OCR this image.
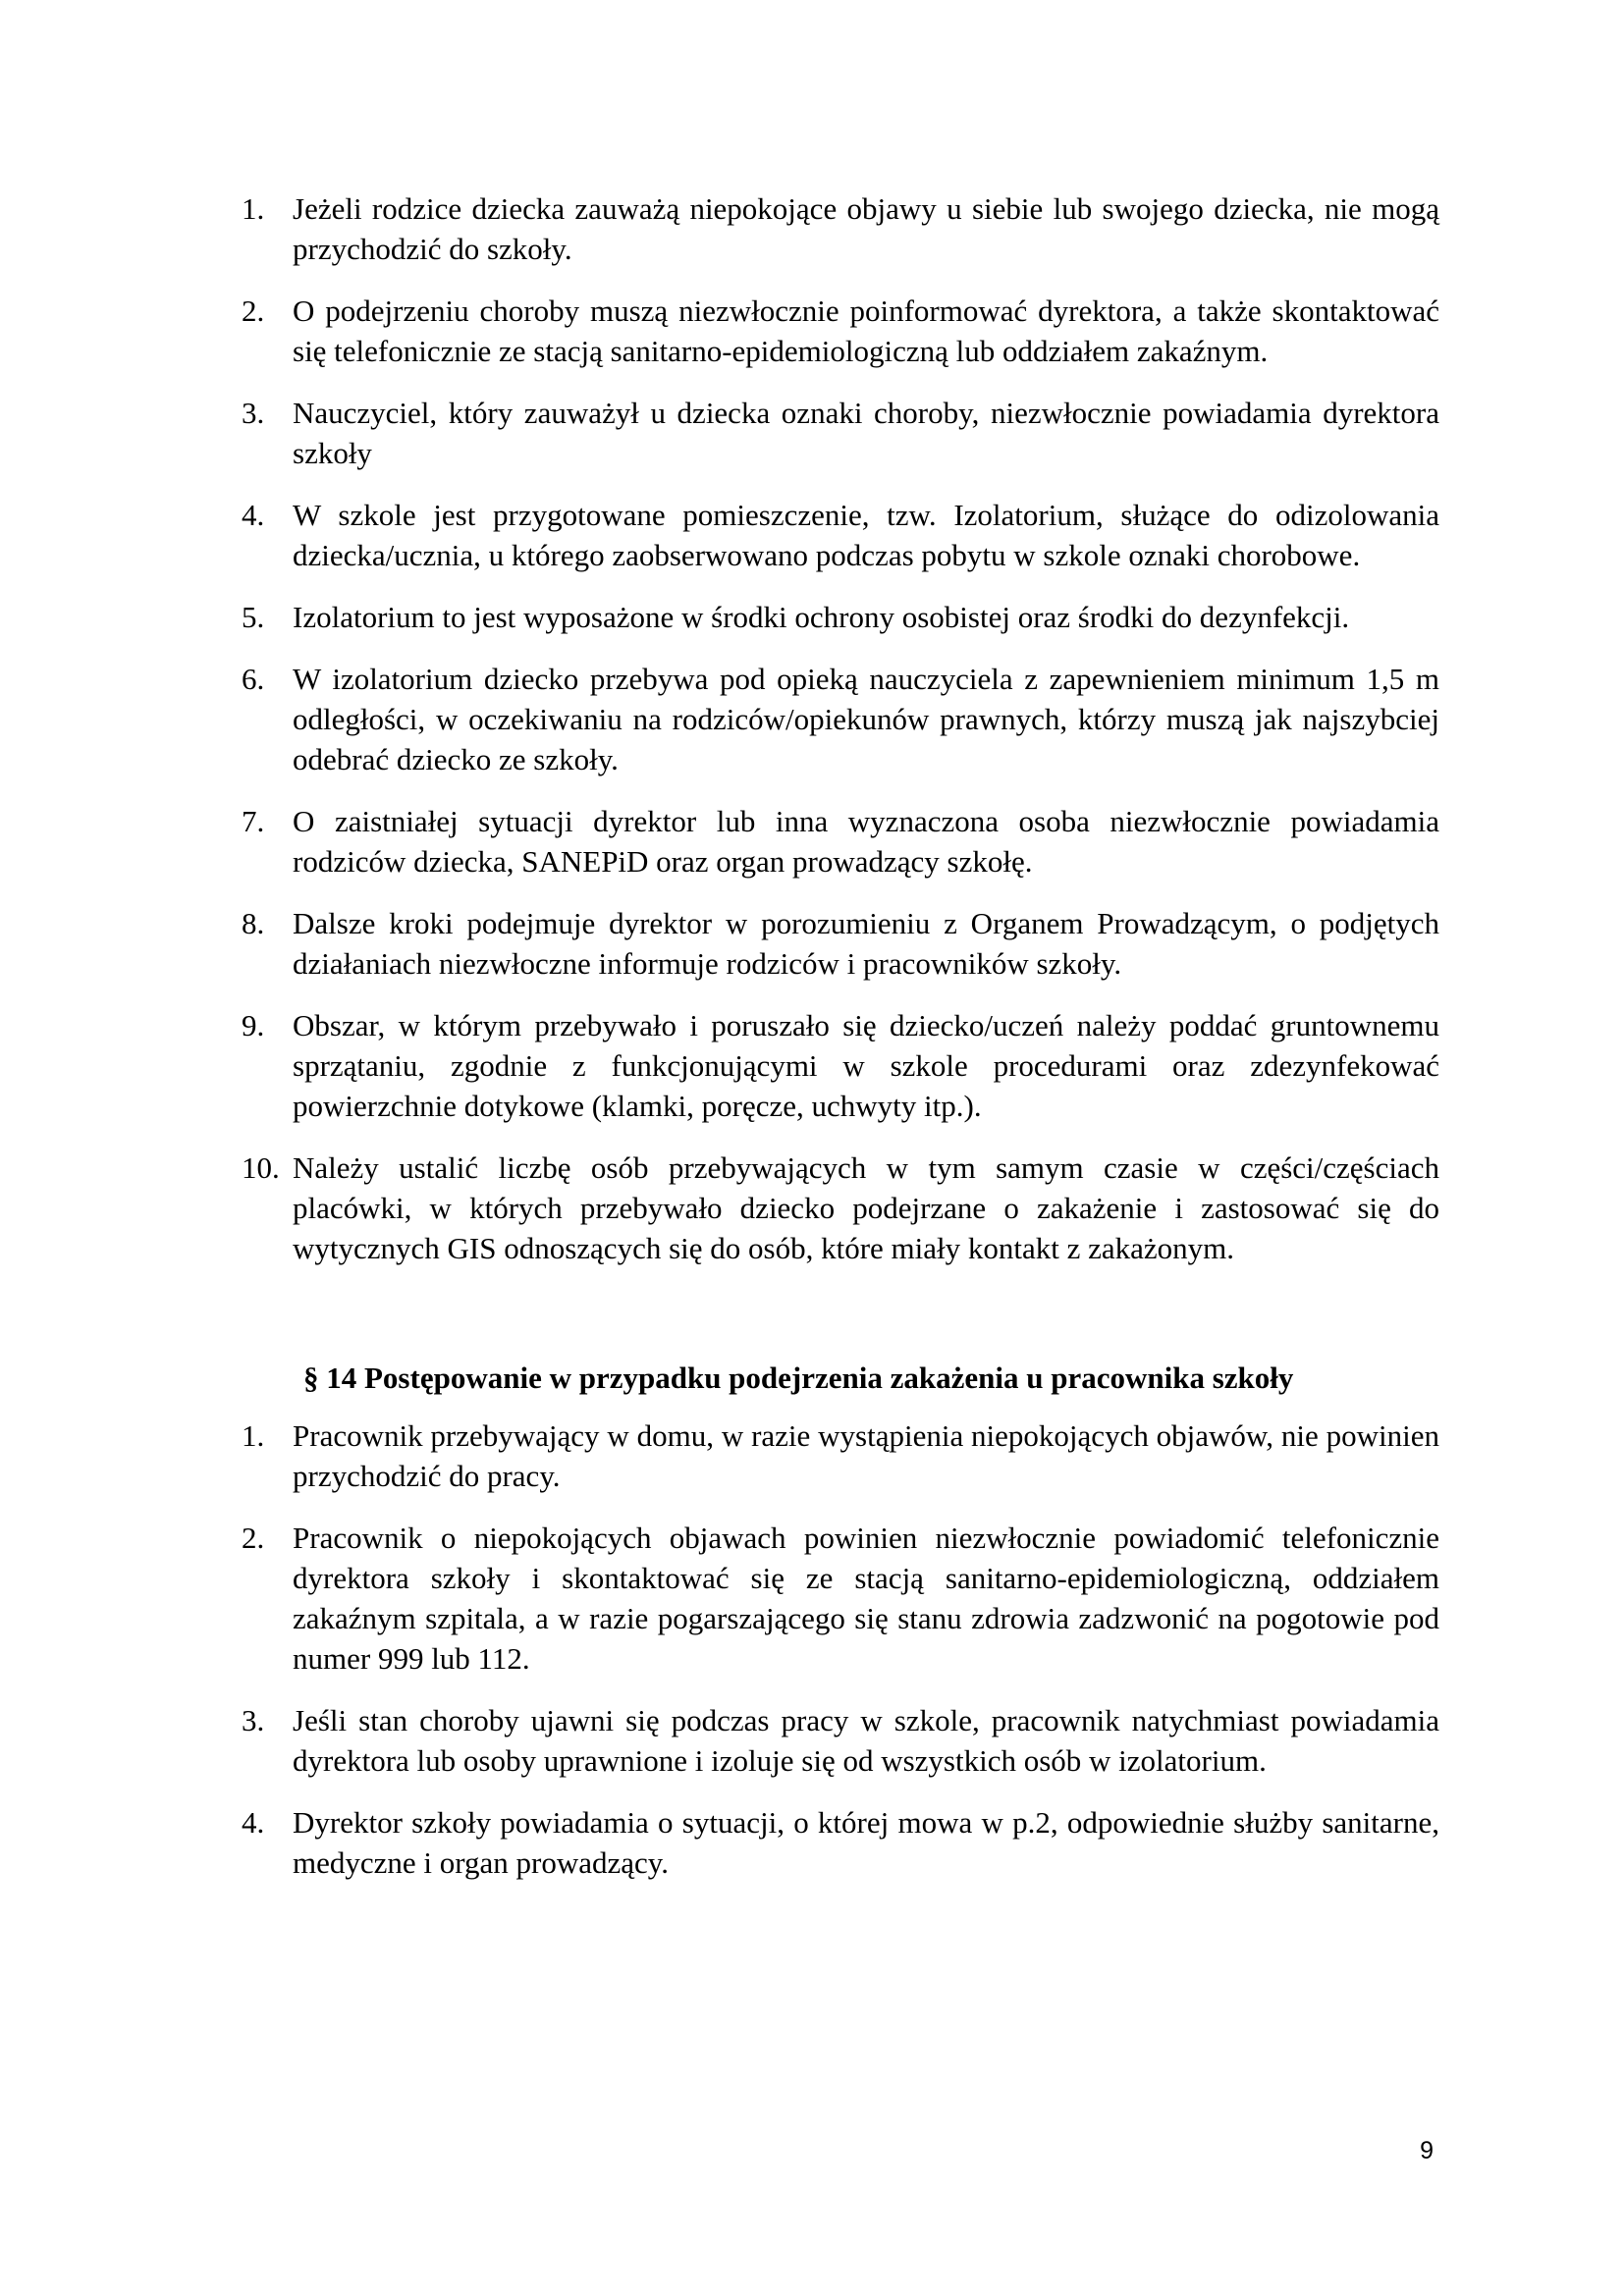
1. Jeżeli rodzice dziecka zauważą niepokojące objawy u siebie lub swojego dziecka, nie mogą przychodzić do szkoły.
2. O podejrzeniu choroby muszą niezwłocznie poinformować dyrektora, a także skontaktować się telefonicznie ze stacją sanitarno-epidemiologiczną lub oddziałem zakaźnym.
3. Nauczyciel, który zauważył u dziecka oznaki choroby, niezwłocznie powiadamia dyrektora szkoły
4. W szkole jest przygotowane pomieszczenie, tzw. Izolatorium, służące do odizolowania dziecka/ucznia, u którego zaobserwowano podczas pobytu w szkole oznaki chorobowe.
5. Izolatorium to jest wyposażone w środki ochrony osobistej oraz środki do dezynfekcji.
6. W izolatorium dziecko przebywa pod opieką nauczyciela z zapewnieniem minimum 1,5 m odległości, w oczekiwaniu na rodziców/opiekunów prawnych, którzy muszą jak najszybciej odebrać dziecko ze szkoły.
7. O zaistniałej sytuacji dyrektor lub inna wyznaczona osoba niezwłocznie powiadamia rodziców dziecka, SANEPiD oraz organ prowadzący szkołę.
8. Dalsze kroki podejmuje dyrektor w porozumieniu z Organem Prowadzącym, o podjętych działaniach niezwłoczne informuje rodziców i pracowników szkoły.
9. Obszar, w którym przebywało i poruszało się dziecko/uczeń należy poddać gruntownemu sprzątaniu, zgodnie z funkcjonującymi w szkole procedurami oraz zdezynfekować powierzchnie dotykowe (klamki, poręcze, uchwyty itp.).
10. Należy ustalić liczbę osób przebywających w tym samym czasie w części/częściach placówki, w których przebywało dziecko podejrzane o zakażenie i zastosować się do wytycznych GIS odnoszących się do osób, które miały kontakt z zakażonym.
§ 14 Postępowanie w przypadku podejrzenia zakażenia u pracownika szkoły
1. Pracownik przebywający w domu, w razie wystąpienia niepokojących objawów, nie powinien przychodzić do pracy.
2. Pracownik o niepokojących objawach powinien niezwłocznie powiadomić telefonicznie dyrektora szkoły i skontaktować się ze stacją sanitarno-epidemiologiczną, oddziałem zakaźnym szpitala, a w razie pogarszającego się stanu zdrowia zadzwonić na pogotowie pod numer 999 lub 112.
3. Jeśli stan choroby ujawni się podczas pracy w szkole, pracownik natychmiast powiadamia dyrektora lub osoby uprawnione i izoluje się od wszystkich osób w izolatorium.
4. Dyrektor szkoły powiadamia o sytuacji, o której mowa w p.2, odpowiednie służby sanitarne, medyczne i organ prowadzący.
9
